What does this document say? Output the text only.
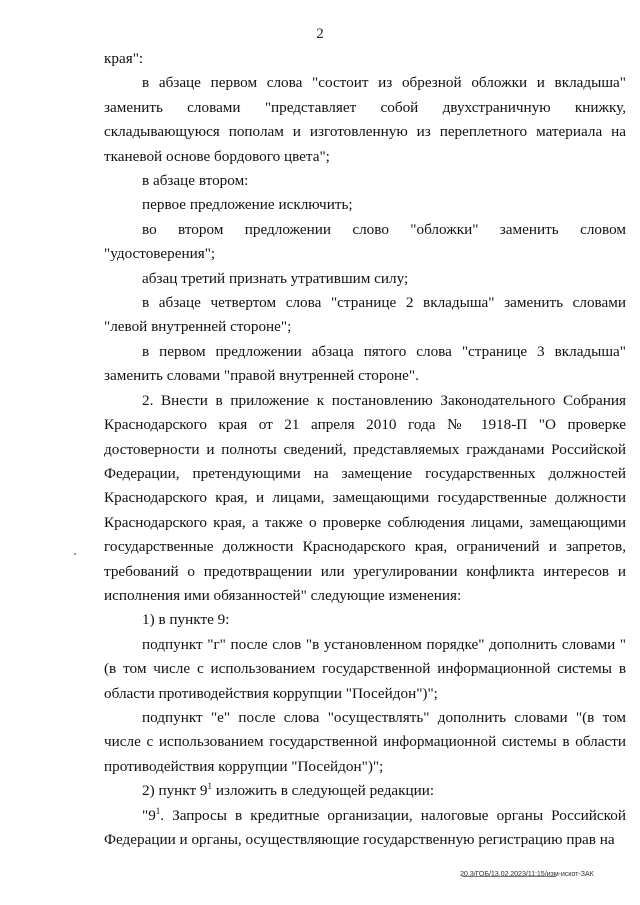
2

края":

в абзаце первом слова "состоит из обрезной обложки и вкладыша" заменить словами "представляет собой двухстраничную книжку, складывающуюся пополам и изготовленную из переплетного материала на тканевой основе бордового цвета";

в абзаце втором:

первое предложение исключить;

во втором предложении слово "обложки" заменить словом "удостоверения";

абзац третий признать утратившим силу;

в абзаце четвертом слова "странице 2 вкладыша" заменить словами "левой внутренней стороне";

в первом предложении абзаца пятого слова "странице 3 вкладыша" заменить словами "правой внутренней стороне".

2. Внести в приложение к постановлению Законодательного Собрания Краснодарского края от 21 апреля 2010 года № 1918-П "О проверке достоверности и полноты сведений, представляемых гражданами Российской Федерации, претендующими на замещение государственных должностей Краснодарского края, и лицами, замещающими государственные должности Краснодарского края, а также о проверке соблюдения лицами, замещающими государственные должности Краснодарского края, ограничений и запретов, требований о предотвращении или урегулировании конфликта интересов и исполнения ими обязанностей" следующие изменения:

1) в пункте 9:

подпункт "г" после слов "в установленном порядке" дополнить словами "(в том числе с использованием государственной информационной системы в области противодействия коррупции "Посейдон")";

подпункт "е" после слова "осуществлять" дополнить словами "(в том числе с использованием государственной информационной системы в области противодействия коррупции "Посейдон")";

2) пункт $9^1$ изложить в следующей редакции:

"$9^1$. Запросы в кредитные организации, налоговые органы Российской Федерации и органы, осуществляющие государственную регистрацию прав на

20.3/ГОБ/13.02.2023/11:15/изм-искот-ЗАК
